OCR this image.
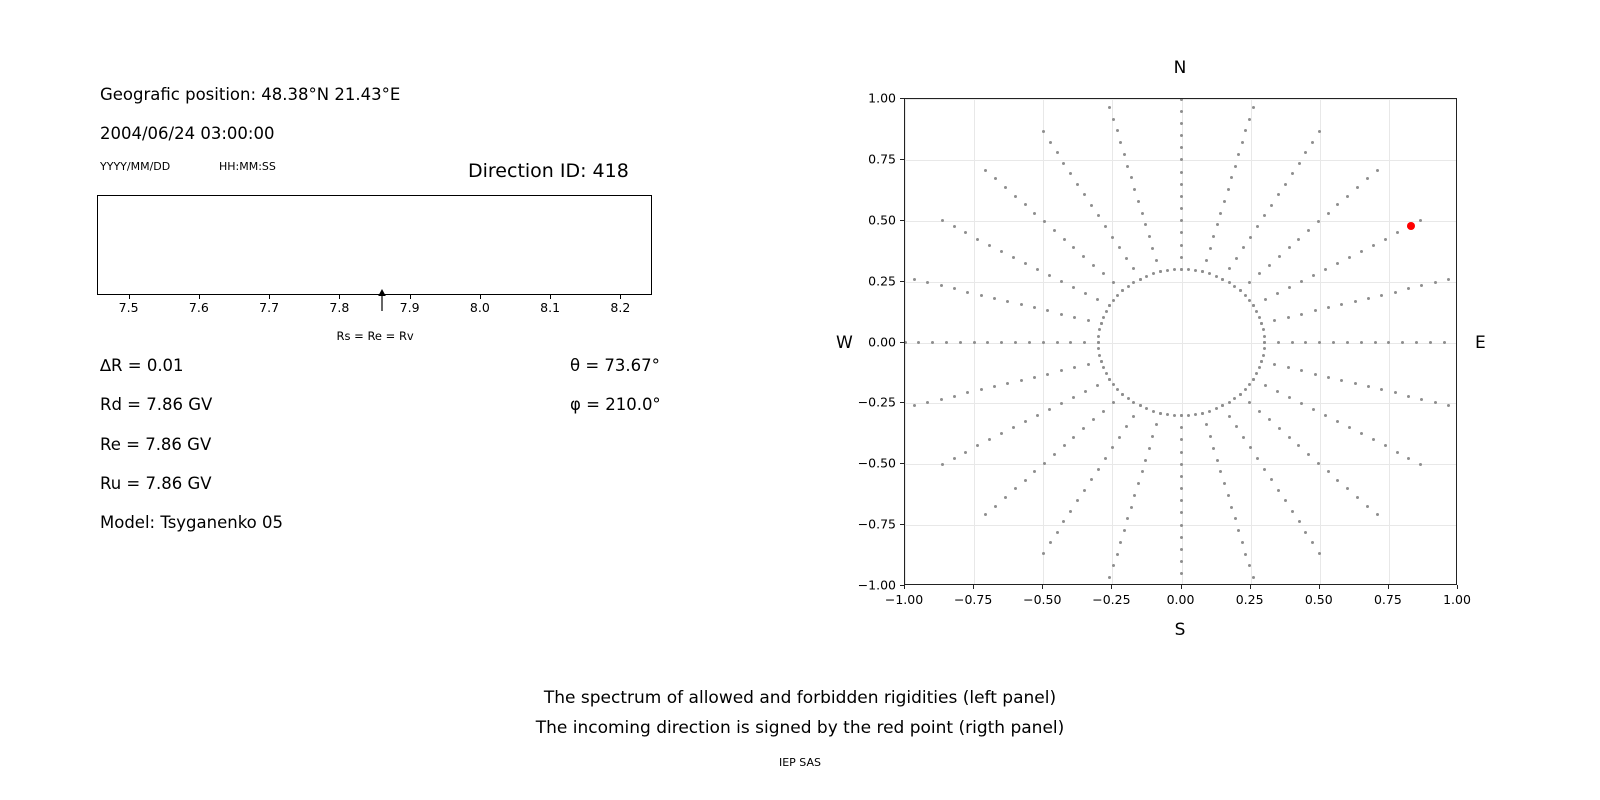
Geografic position: 48.38°N 21.43°E
2004/06/24 03:00:00
YYYY/MM/DD	HH:MM:SS	Direction ID: 418
7.5	7.6	7.7	7.8	7.9	8.0	8.1	8.2
Rs = Re = Rv
∆R = 0.01
Rd = 7.86 GV
Re = 7.86 GV
Ru = 7.86 GV
Model: Tsyganenko 05
θ = 73.67°
φ = 210.0°
N
S
W	E
−1.00 −0.75 −0.50 −0.25	0.00	0.25	0.50	0.75	1.00
−1.00
−0.75
−0.50
−0.25
0.00
0.25
0.50
0.75
1.00
The spectrum of allowed and forbidden rigidities (left panel)
The incoming direction is signed by the red point (rigth panel)
IEP SAS
